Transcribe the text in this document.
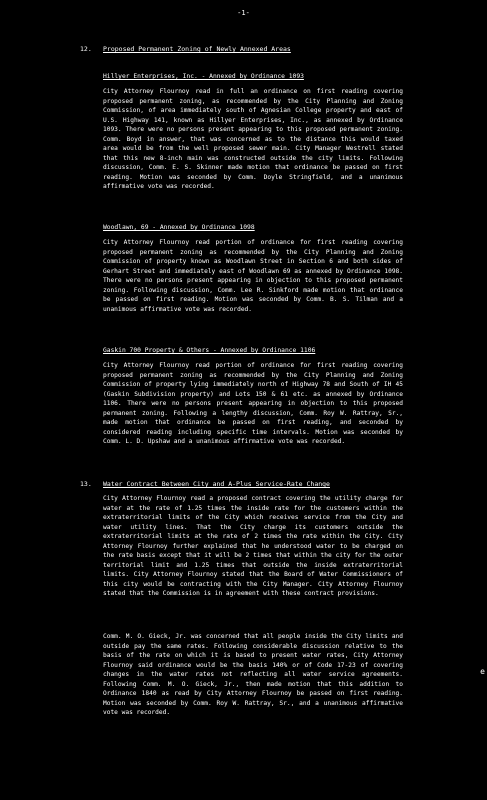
-1-
12. Proposed Permanent Zoning of Newly Annexed Areas
Hillyer Enterprises, Inc. - Annexed by Ordinance 1093

City Attorney Flournoy read in full an ordinance on first reading covering proposed permanent zoning, as recommended by the City Planning and Zoning Commission, of area immediately south of Agnesian College property and east of U.S. Highway 141, known as Hillyer Enterprises, Inc., as annexed by Ordinance 1093. There were no persons present appearing to this proposed permanent zoning. Comm. Boyd in answer, that was concerned as to the distance this would taxed area would be from the well proposed sewer main. City Manager Westrell stated that this new 8-inch main was constructed outside the city limits. Following discussion, Comm. E. S. Skinner made motion that ordinance be passed on first reading. Motion was seconded by Comm. Doyle Stringfield, and a unanimous affirmative vote was recorded.

Woodlawn, 69 - Annexed by Ordinance 1098

City Attorney Flournoy read portion of ordinance for first reading covering proposed permanent zoning as recommended by the City Planning and Zoning Commission of property known as Woodlawn Street in Section 6 and both sides of Gerhart Street and immediately east of Woodlawn 69 as annexed by Ordinance 1098. There were no persons present appearing in objection to this proposed permanent zoning. Following discussion, Comm. Lee R. Sinkford made motion that ordinance be passed on first reading. Motion was seconded by Comm. B. S. Tilman and a unanimous affirmative vote was recorded.

Gaskin 700 Property & Others - Annexed by Ordinance 1106

City Attorney Flournoy read portion of ordinance for first reading covering proposed permanent zoning as recommended by the City Planning and Zoning Commission of property lying immediately north of Highway 78 and South of IH 45 (Gaskin Subdivision property) and Lots 150 & 61 etc. as annexed by Ordinance 1106. There were no persons present appearing in objection to this proposed permanent zoning. Following a lengthy discussion, Comm. Roy W. Rattray, Sr., made motion that ordinance be passed on first reading, and seconded by considered reading including specific time intervals. Motion was seconded by Comm. L. D. Upshaw and a unanimous affirmative vote was recorded.

13. Water Contract Between City and A-Plus Service-Rate Change

City Attorney Flournoy read a proposed contract covering the utility charge for water at the rate of 1.25 times the inside rate for the customers within the extraterritorial limits of the City which receives service from the City and water utility lines. That the City charge its customers outside the extraterritorial limits at the rate of 2 times the rate within the City. City Attorney Flournoy further explained that he understood water to be charged on the rate basis except that it will be 2 times that within the city for the outer territorial limit and 1.25 times that outside the inside extraterritorial limits. City Attorney Flournoy stated that the Board of Water Commissioners of this city would be contracting with the City Manager. City Attorney Flournoy stated that the Commission is in agreement with these contract provisions.

Comm. M. O. Gieck, Jr. was concerned that all people inside the City limits and outside pay the same rates. Following considerable discussion relative to the basis of the rate on which it is based to present water rates, City Attorney Flournoy said ordinance would be the basis 140% or of Code 17-23 of covering changes in the water rates not reflecting all water service agreements. Following Comm. M. O. Gieck, Jr., then made motion that this addition to Ordinance 1840 as read by City Attorney Flournoy be passed on first reading. Motion was seconded by Comm. Roy W. Rattray, Sr., and a unanimous affirmative vote was recorded.

e
